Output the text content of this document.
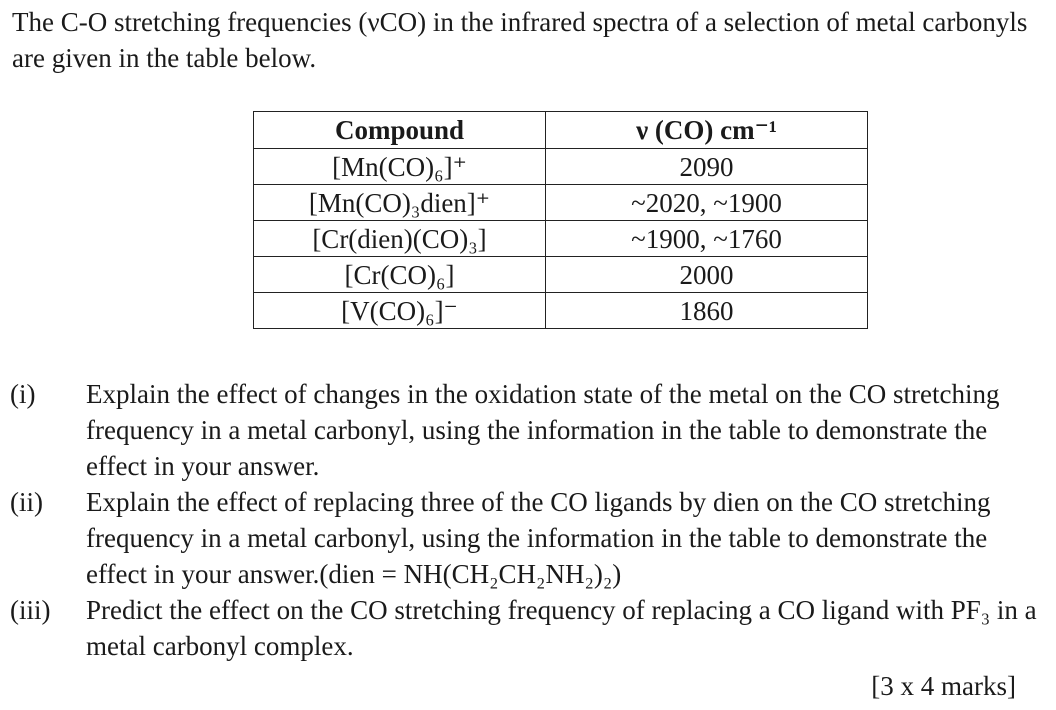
The C-O stretching frequencies (νCO) in the infrared spectra of a selection of metal carbonyls are given in the table below.

Compound	ν (CO) cm⁻¹
[Mn(CO)₆]⁺	2090
[Mn(CO)₃dien]⁺	~2020, ~1900
[Cr(dien)(CO)₃]	~1900, ~1760
[Cr(CO)₆]	2000
[V(CO)₆]⁻	1860
(i) Explain the effect of changes in the oxidation state of the metal on the CO stretching frequency in a metal carbonyl, using the information in the table to demonstrate the effect in your answer.
(ii) Explain the effect of replacing three of the CO ligands by dien on the CO stretching frequency in a metal carbonyl, using the information in the table to demonstrate the effect in your answer.(dien = NH(CH₂CH₂NH₂)₂)
(iii) Predict the effect on the CO stretching frequency of replacing a CO ligand with PF₃ in a metal carbonyl complex.
[3 x 4 marks]
